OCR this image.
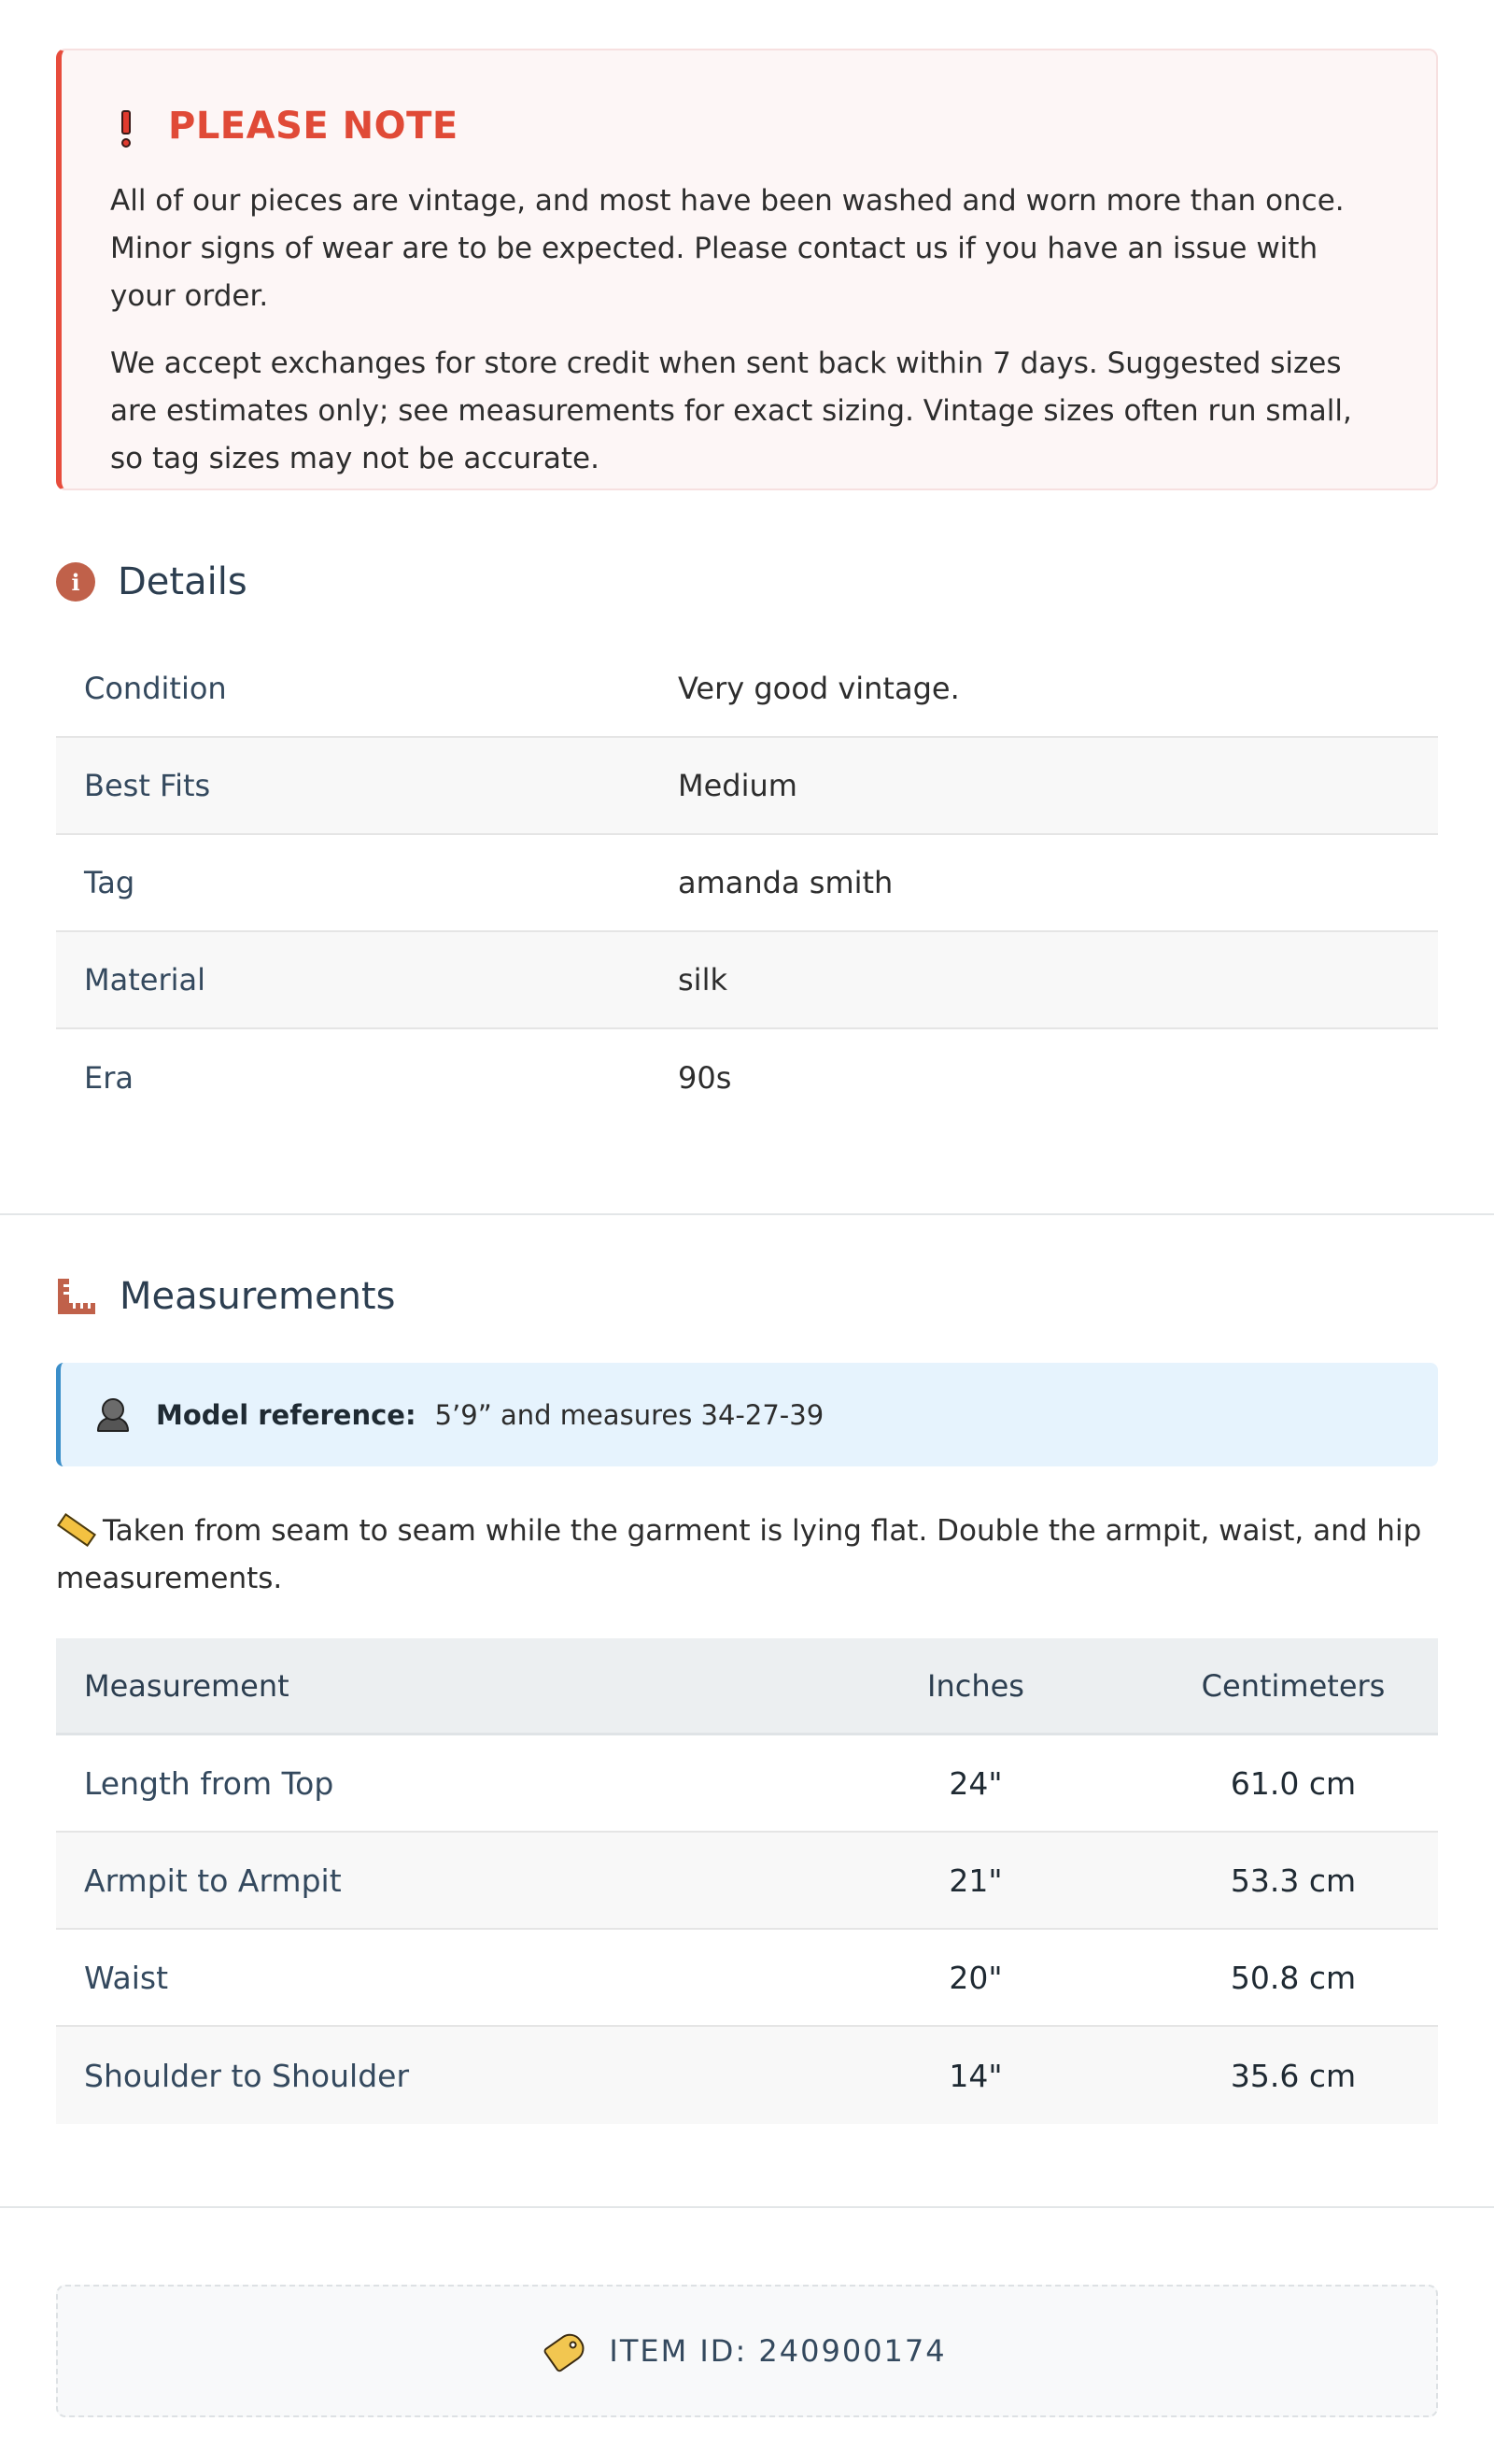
PLEASE NOTE

All of our pieces are vintage, and most have been washed and worn more than once. Minor signs of wear are to be expected. Please contact us if you have an issue with your order.

We accept exchanges for store credit when sent back within 7 days. Suggested sizes are estimates only; see measurements for exact sizing. Vintage sizes often run small, so tag sizes may not be accurate.

i	Details
Condition	Very good vintage.
Best Fits	Medium
Tag	amanda smith
Material	silk
Era	90s
Measurements
Model reference: 5’9” and measures 34-27-39
Taken from seam to seam while the garment is lying flat. Double the armpit, waist, and hip measurements.
Measurement	Inches	Centimeters
Length from Top	24"	61.0 cm
Armpit to Armpit	21"	53.3 cm
Waist	20"	50.8 cm
Shoulder to Shoulder	14"	35.6 cm
ITEM ID: 240900174
